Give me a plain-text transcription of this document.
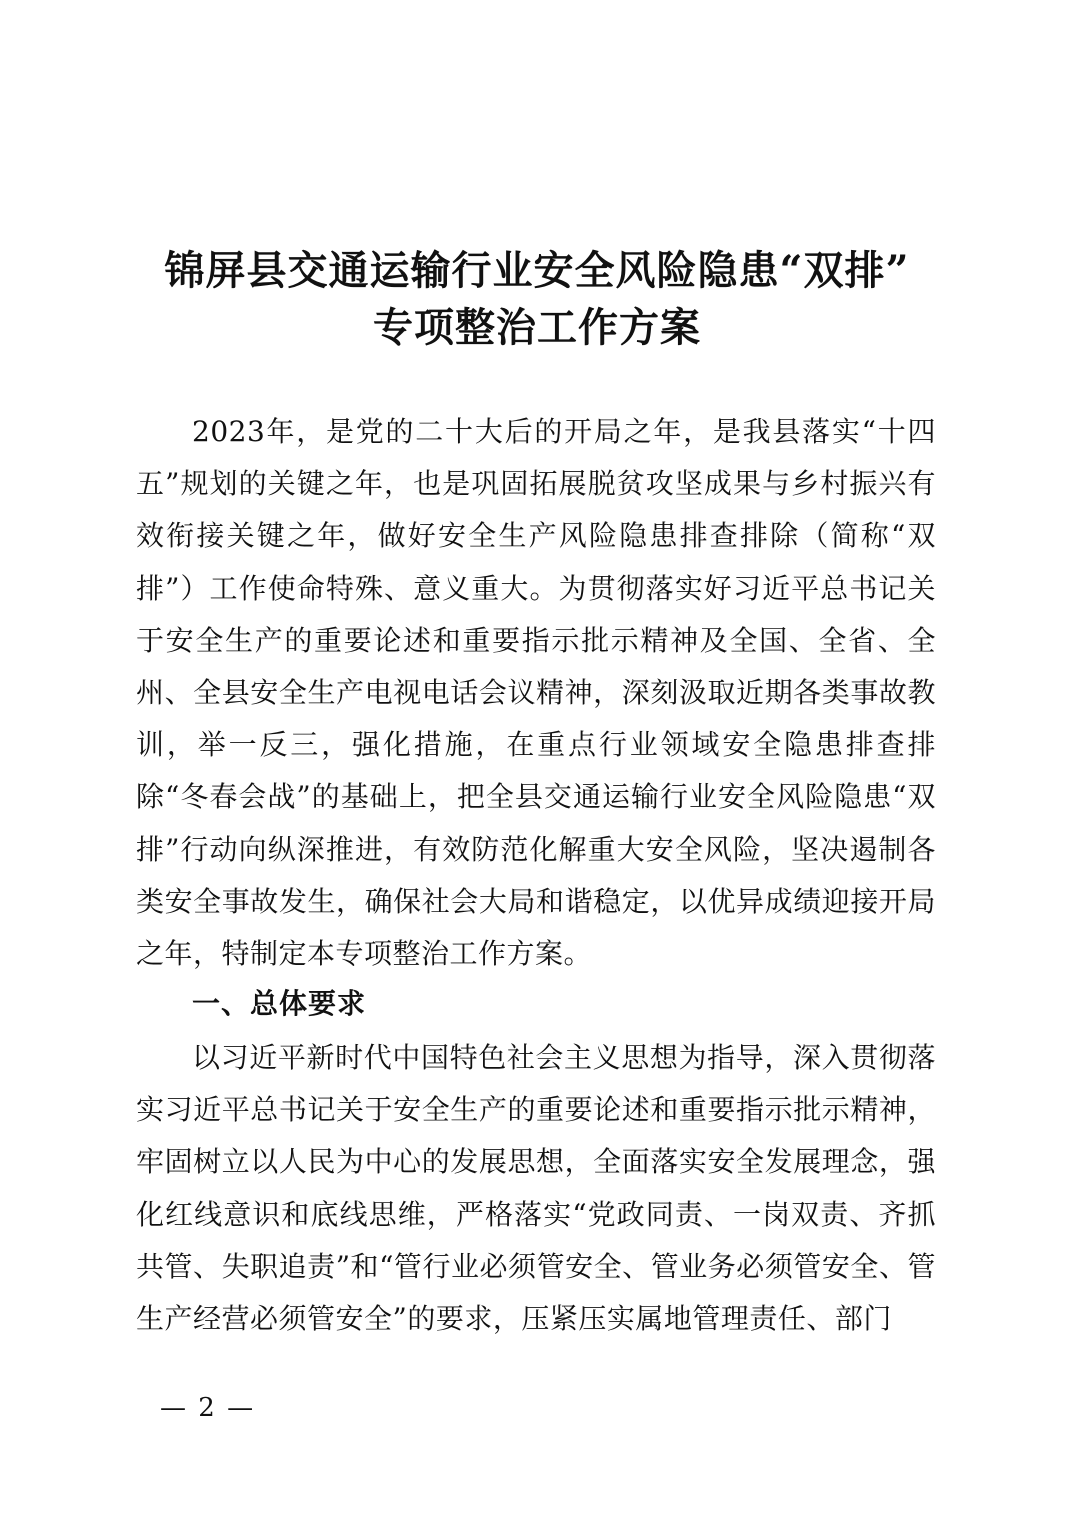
锦屏县交通运输行业安全风险隐患“双排”
专项整治工作方案

2023年，是党的二十大后的开局之年，是我县落实“十四五”规划的关键之年，也是巩固拓展脱贫攻坚成果与乡村振兴有效衔接关键之年，做好安全生产风险隐患排查排除（简称“双排”）工作使命特殊、意义重大。为贯彻落实好习近平总书记关于安全生产的重要论述和重要指示批示精神及全国、全省、全州、全县安全生产电视电话会议精神，深刻汲取近期各类事故教训，举一反三，强化措施，在重点行业领域安全隐患排查排除“冬春会战”的基础上，把全县交通运输行业安全风险隐患“双排”行动向纵深推进，有效防范化解重大安全风险，坚决遏制各类安全事故发生，确保社会大局和谐稳定，以优异成绩迎接开局之年，特制定本专项整治工作方案。

一、总体要求

以习近平新时代中国特色社会主义思想为指导，深入贯彻落实习近平总书记关于安全生产的重要论述和重要指示批示精神，牢固树立以人民为中心的发展思想，全面落实安全发展理念，强化红线意识和底线思维，严格落实“党政同责、一岗双责、齐抓共管、失职追责”和“管行业必须管安全、管业务必须管安全、管生产经营必须管安全”的要求，压紧压实属地管理责任、部门

— 2 —
